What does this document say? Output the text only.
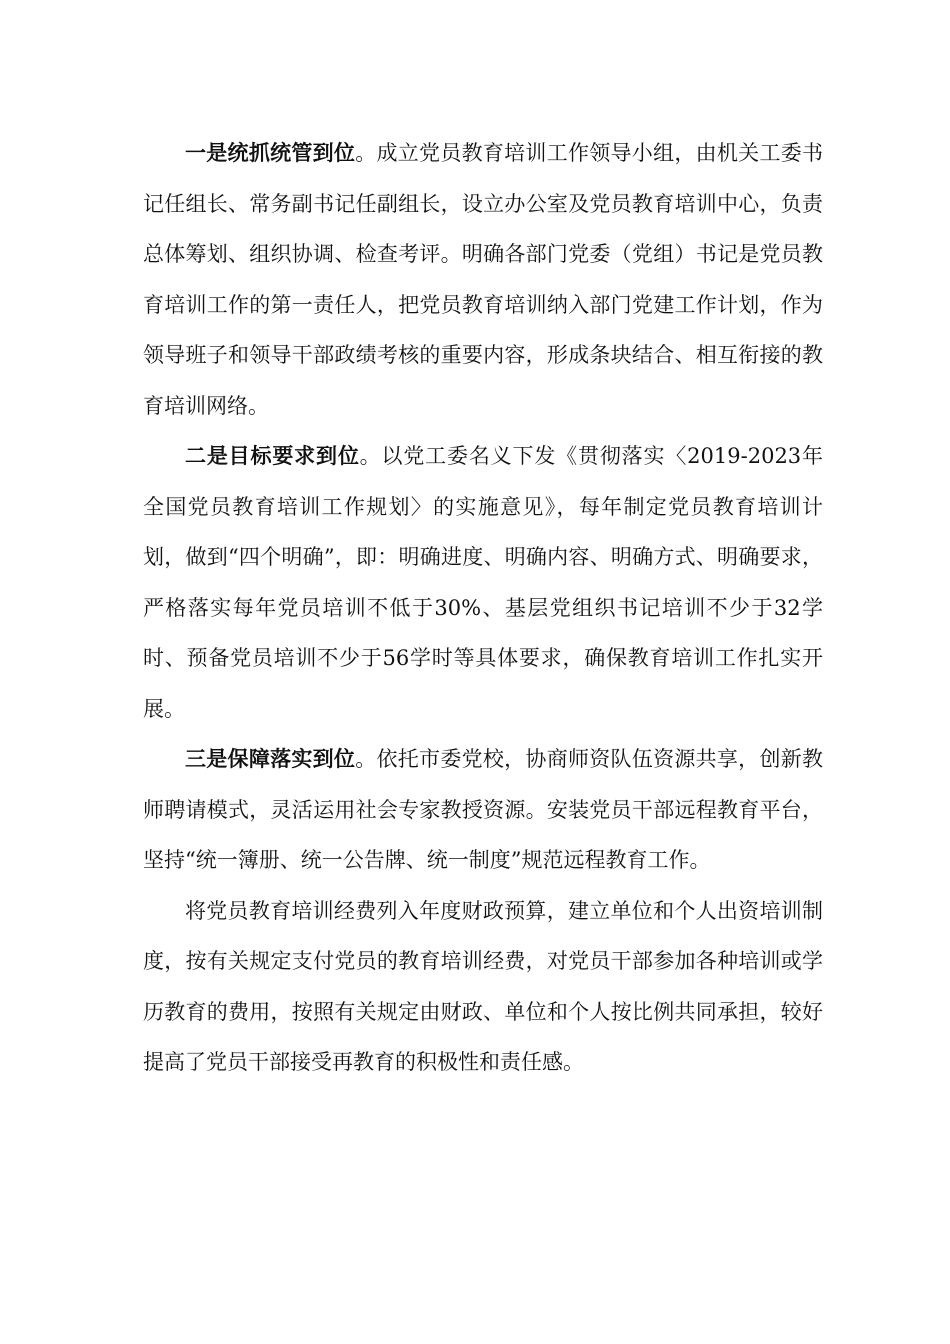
一是统抓统管到位。成立党员教育培训工作领导小组，由机关工委书记任组长、常务副书记任副组长，设立办公室及党员教育培训中心，负责总体筹划、组织协调、检查考评。明确各部门党委（党组）书记是党员教育培训工作的第一责任人，把党员教育培训纳入部门党建工作计划，作为领导班子和领导干部政绩考核的重要内容，形成条块结合、相互衔接的教育培训网络。

二是目标要求到位。以党工委名义下发《贯彻落实〈2019-2023年全国党员教育培训工作规划〉的实施意见》，每年制定党员教育培训计划，做到“四个明确”，即：明确进度、明确内容、明确方式、明确要求，严格落实每年党员培训不低于30%、基层党组织书记培训不少于32学时、预备党员培训不少于56学时等具体要求，确保教育培训工作扎实开展。

三是保障落实到位。依托市委党校，协商师资队伍资源共享，创新教师聘请模式，灵活运用社会专家教授资源。安装党员干部远程教育平台，坚持“统一簿册、统一公告牌、统一制度”规范远程教育工作。

将党员教育培训经费列入年度财政预算，建立单位和个人出资培训制度，按有关规定支付党员的教育培训经费，对党员干部参加各种培训或学历教育的费用，按照有关规定由财政、单位和个人按比例共同承担，较好提高了党员干部接受再教育的积极性和责任感。
